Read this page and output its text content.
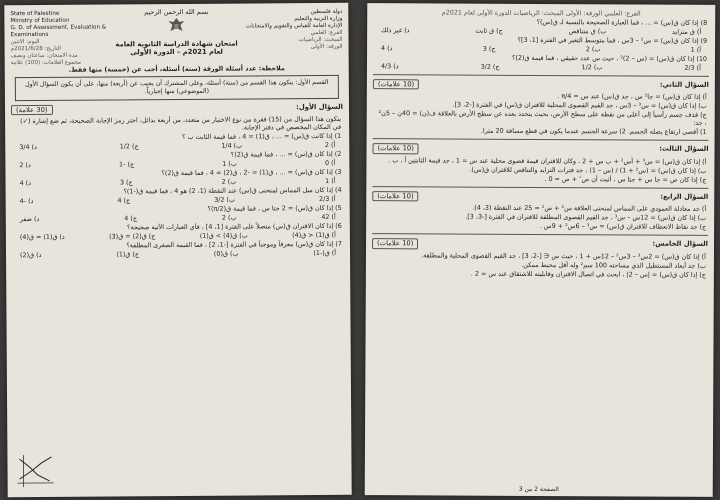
دولة فلسطين
وزارة التربية والتعليم
الإدارة العامة للقياس والتقويم والامتحانات
الفرع: العلمي
المبحث: الرياضيات
الورقة: الأولى
بسم الله الرحمن الرحيم
امتحان شهادة الدراسة الثانوية العامة لعام 2021م – الدورة الأولى
State of Palestine
Ministry of Education
G. D. of Assessment, Evaluation & Examinations
اليوم: الاثنين
التاريخ: 2021/6/28م
مدة الامتحان: ساعتان ونصف
مجموع العلامات: (100) علامة
ملاحظة: عدد أسئلة الورقة (ستة) أسئلة، أجب عن (خمسة) منها فقط.
القسم الأول: يتكون هذا القسم من (ستة) أسئلة، وعلى المشترك أن يجيب عن (أربعة) منها، على أن يكون السؤال الأول (الموضوعي) منها إجبارياً.
السؤال الأول:
(30 علامة)
يتكون هذا السؤال من (15) فقرة من نوع الاختيار من متعدد، من أربعة بدائل، اختر رمز الإجابة الصحيحة، ثم ضع إشارة (✓) في المكان المخصص في دفتر الإجابة.
1) إذا كانت ق(س) = ... ، ق(1) = 4 ، فما قيمة الثابت ب ؟
أ) 2
ب) 1/4
ج) 1/2
د) 3/4
2) إذا كان ق(س) = ... ، فما قيمة ق(2)؟
أ) 0
ب) 1
ج) -1
د) 2
3) إذا كان ق(س) = ... ، ق(1) = -2 ، ق(2) = 4 ، فما قيمة ق(2)؟
أ) 1
ب) 2
ج) 3
د) 4
4) إذا كان ميل المماس لمنحنى ق(س) عند النقطة (1، 2) هو 4 ، فما قيمة ق(-1)؟
أ) 2/3
ب) 3/2
ج) 4
د) -4
5) إذا كان ق(س) = 2 جتا س ، فما قيمة ق(π/2)؟
أ) 42
ب) 2
ج) 4
د) صفر
6) إذا كان الاقتران ق(س) متصلاً على الفترة [1، 4] ، فأي العبارات الآتية صحيحة؟
أ) ق(1) < ق(4)
ب) ق(4) > ق(1)
ج) ق(2) = ق(3)
د) ق(1) = ق(4)
7) إذا كان ق(س) معرفاً وموجباً في الفترة [-1، 2] ، فما القيمة الصغرى المطلقة؟
أ) ق(-1)
ب) ق(0)
ج) ق(1)
د) ق(2)
الفرع: العلمي الورقة: الأولى المبحث: الرياضيات الدورة الأولى لعام 2021م
8) إذا كان ق(س) = ... ، فما العبارة الصحيحة بالنسبة لـ ق(س)؟
أ) ق متزايد
ب) ق متناقص
ج) ق ثابت
د) غير ذلك
9) إذا كان ق(س) = س² – 3س ، فما متوسط التغير في الفترة [1، 3]؟
أ) 1
ب) 2
ج) 3
د) 4
10) إذا كان ق(س) = (س – 2)² ، حيث س عدد حقيقي ، فما قيمة ق(2)؟
أ) 2/3
ب) 1/2
ج) 3/2
د) 4/3
السؤال الثاني:
(10 علامات)
أ) إذا كان ق(س) = جا² س ، جد ق(س) عند س = π/4 .
ب) إذا كان ق(س) = س³ – 3س ، جد القيم القصوى المحلية للاقتران ق(س) في الفترة [-2، 3].
ج) قذف جسم رأسياً إلى أعلى من نقطة على سطح الأرض، بحيث يتحدد بعده عن سطح الأرض بالعلاقة ف(ن) = 40ن – 5ن² ، جد:
1) أقصى ارتفاع يصله الجسم. 2) سرعة الجسم عندما يكون في قطع مسافة 20 مترا.
السؤال الثالث:
(10 علامات)
أ) إذا كان ق(س) = س³ + أس² + ب س + 2 ، وكان للاقتران قيمة قصوى محلية عند س = 1 ، جد قيمة الثابتين أ ، ب .
ب) إذا كان ق(س) = (س² + 1) / (س – 1) ، جد فترات التزايد والتناقص للاقتران ق(س).
ج) إذا كان ص = جا س + جتا س ، أثبت أن ص″ + ص = 0 .
السؤال الرابع:
(10 علامات)
أ) جد معادلة العمودي على المماس لمنحنى العلاقة س² + ص² = 25 عند النقطة (3، 4).
ب) إذا كان ق(س) = 12س – س³ ، جد القيم القصوى المطلقة للاقتران في الفترة [-3، 3].
ج) جد نقاط الانعطاف للاقتران ق(س) = س³ – 6س² + 9س .
السؤال الخامس:
(10 علامات)
أ) إذا كان ق(س) = 2س³ – 3س² – 12س + 1 ، حيث س ∈ [-2، 3] ، جد القيم القصوى المحلية والمطلقة.
ب) جد أبعاد المستطيل الذي مساحته 100 سم² وله أقل محيط ممكن.
ج) إذا كان ق(س) = |س – 2| ، ابحث في اتصال الاقتران وقابليته للاشتقاق عند س = 2 .
الصفحة 2 من 3
